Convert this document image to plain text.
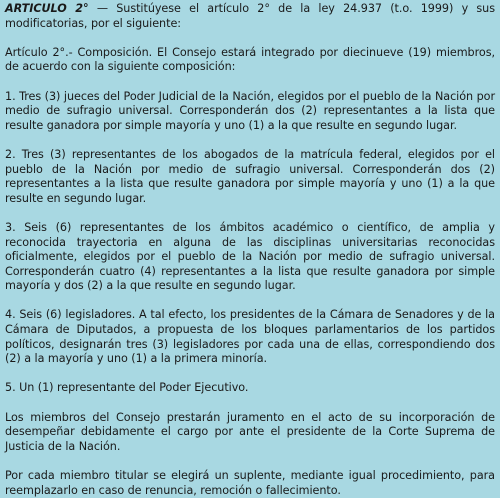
ARTICULO 2° — Sustitúyese el artículo 2° de la ley 24.937 (t.o. 1999) y sus modificatorias, por el siguiente:

Artículo 2°.- Composición. El Consejo estará integrado por diecinueve (19) miembros, de acuerdo con la siguiente composición:

1. Tres (3) jueces del Poder Judicial de la Nación, elegidos por el pueblo de la Nación por medio de sufragio universal. Corresponderán dos (2) representantes a la lista que resulte ganadora por simple mayoría y uno (1) a la que resulte en segundo lugar.

2. Tres (3) representantes de los abogados de la matrícula federal, elegidos por el pueblo de la Nación por medio de sufragio universal. Corresponderán dos (2) representantes a la lista que resulte ganadora por simple mayoría y uno (1) a la que resulte en segundo lugar.

3. Seis (6) representantes de los ámbitos académico o científico, de amplia y reconocida trayectoria en alguna de las disciplinas universitarias reconocidas oficialmente, elegidos por el pueblo de la Nación por medio de sufragio universal. Corresponderán cuatro (4) representantes a la lista que resulte ganadora por simple mayoría y dos (2) a la que resulte en segundo lugar.

4. Seis (6) legisladores. A tal efecto, los presidentes de la Cámara de Senadores y de la Cámara de Diputados, a propuesta de los bloques parlamentarios de los partidos políticos, designarán tres (3) legisladores por cada una de ellas, correspondiendo dos (2) a la mayoría y uno (1) a la primera minoría.

5. Un (1) representante del Poder Ejecutivo.

Los miembros del Consejo prestarán juramento en el acto de su incorporación de desempeñar debidamente el cargo por ante el presidente de la Corte Suprema de Justicia de la Nación.

Por cada miembro titular se elegirá un suplente, mediante igual procedimiento, para reemplazarlo en caso de renuncia, remoción o fallecimiento.
